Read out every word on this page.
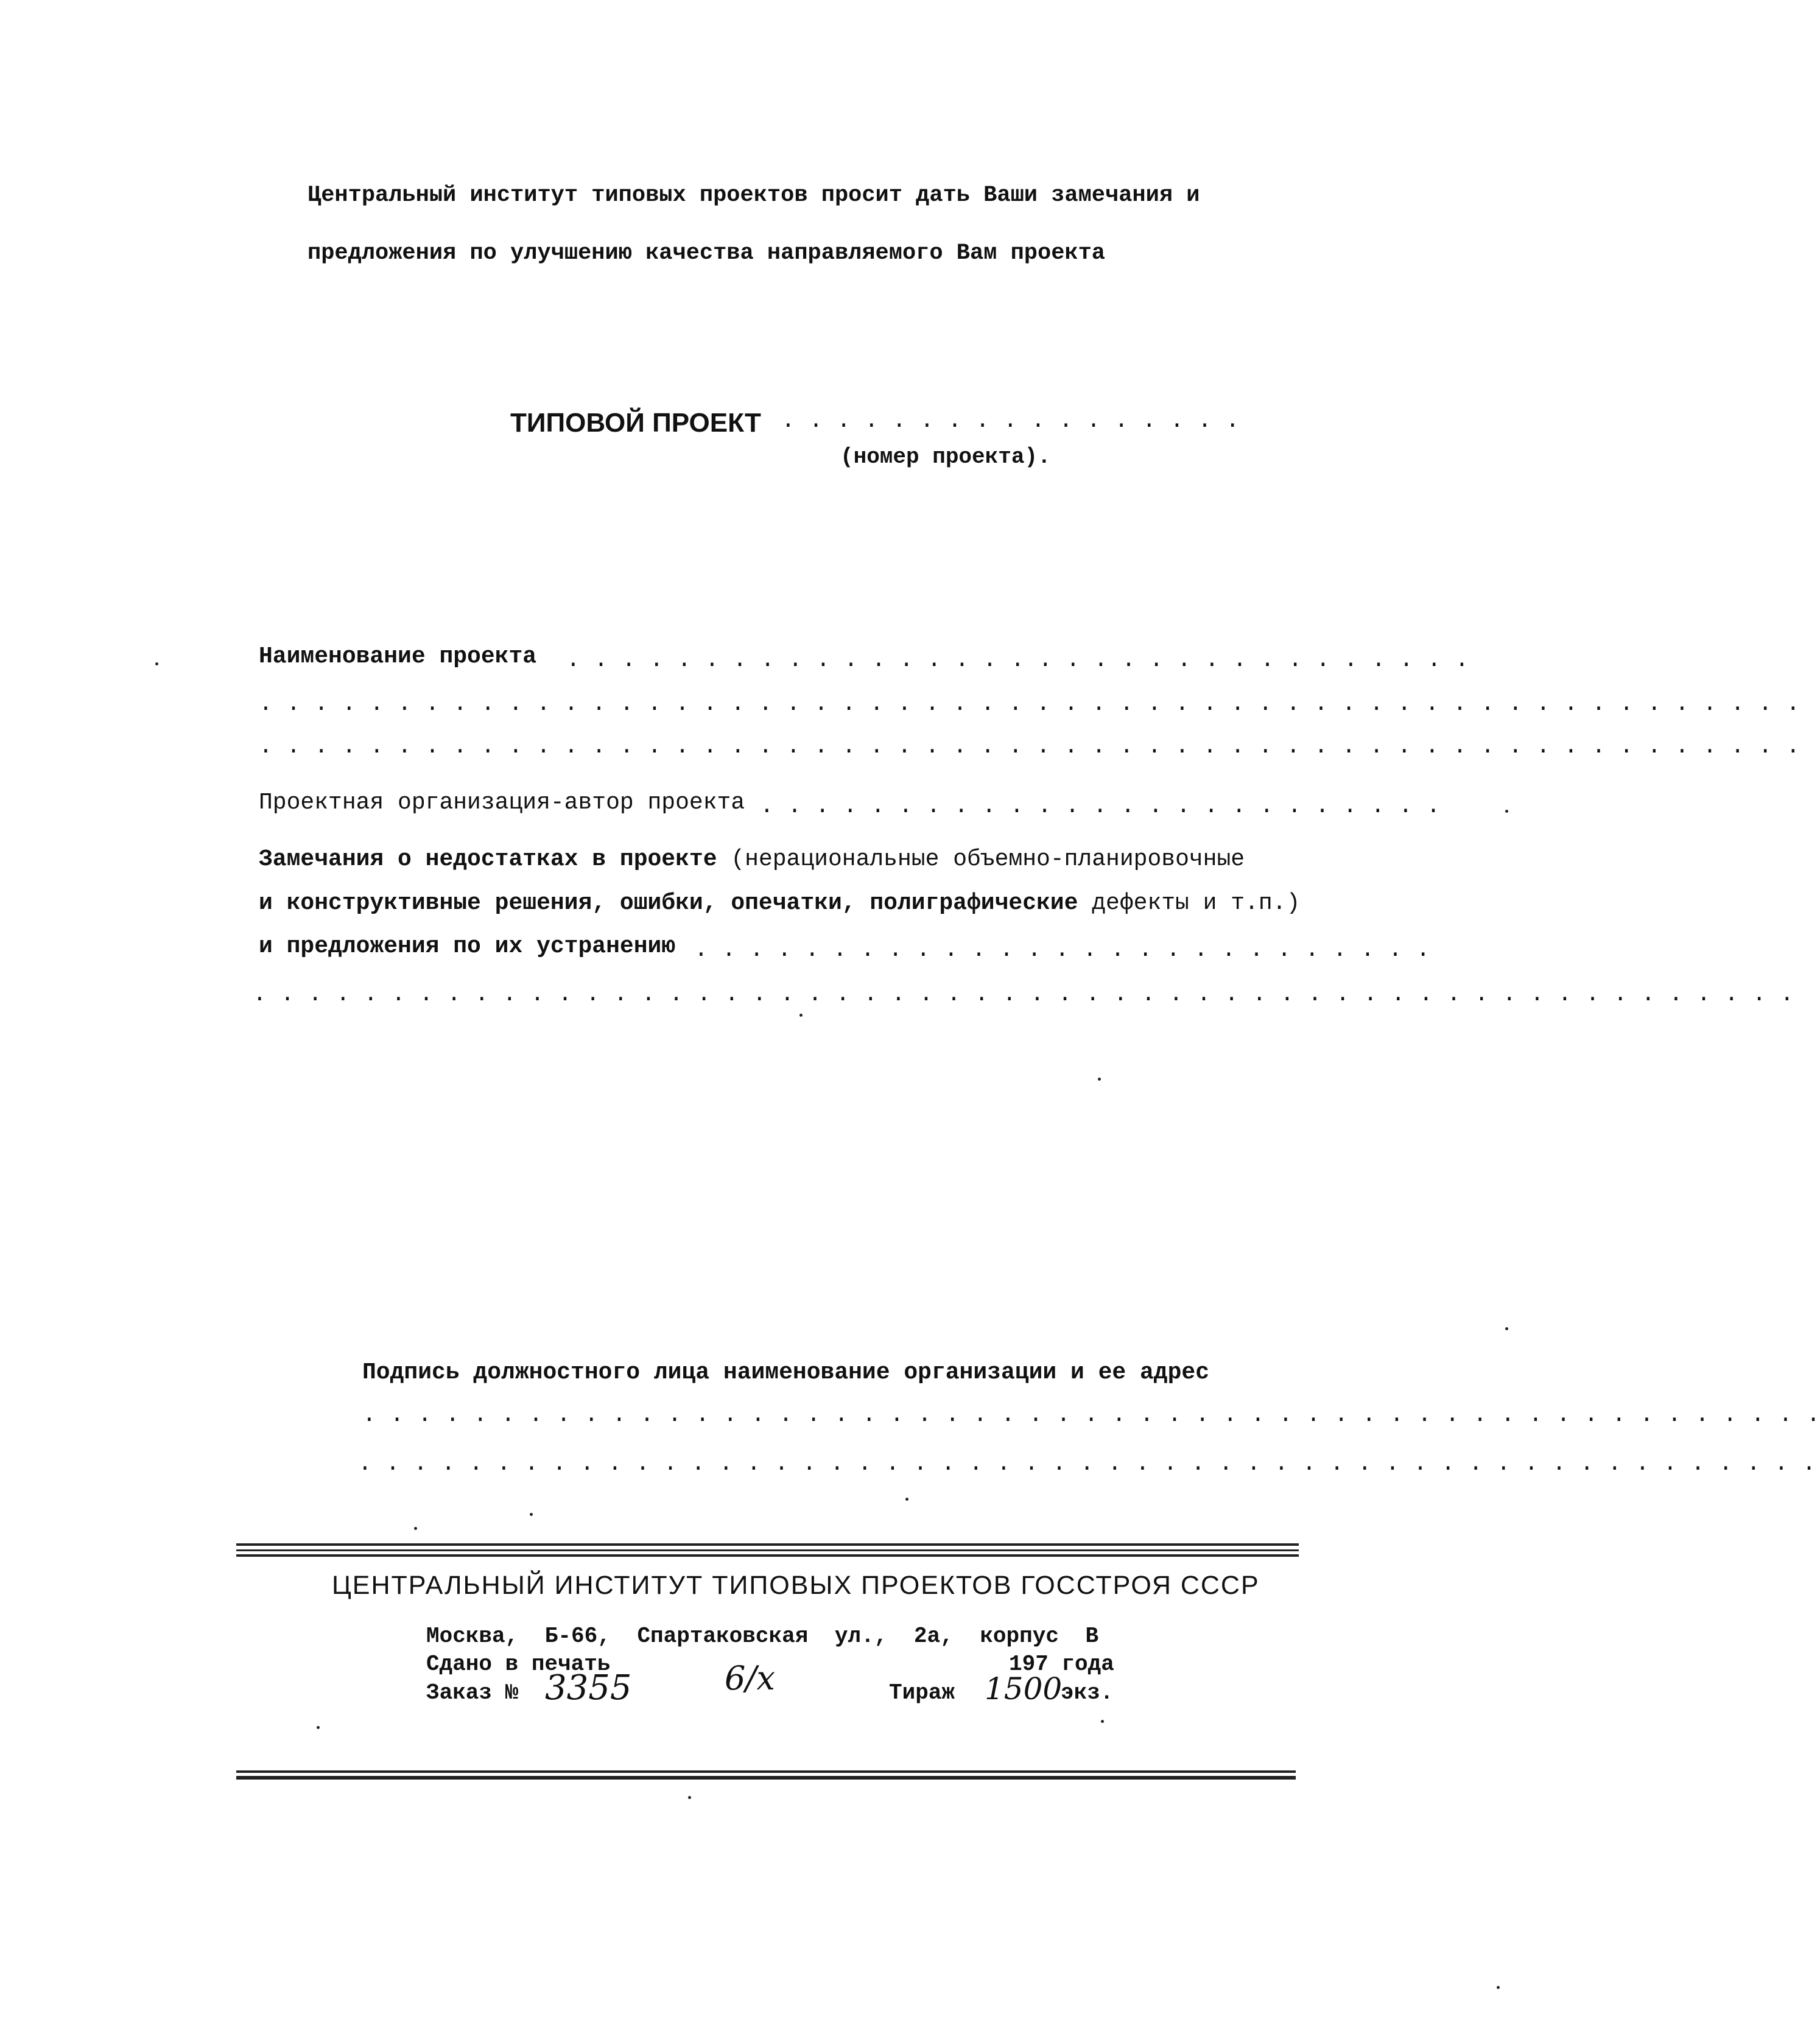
Центральный институт типовых проектов просит дать Ваши замечания и
предложения по улучшению качества направляемого Вам проекта
ТИПОВОЙ ПРОЕКТ . . . . . . . . . . . . . . . . .
(номер проекта).
Наименование проекта . . . . . . . . . . . . . . . . . . . . . . . . . . . . . . . . .
. . . . . . . . . . . . . . . . . . . . . . . . . . . . . . . . . . . . . . . . . . . . . . . . . . . . . . . .
. . . . . . . . . . . . . . . . . . . . . . . . . . . . . . . . . . . . . . . . . . . . . . . . . . . . . . . .
Проектная организация-автор проекта . . . . . . . . . . . . . . . . . . . . . . . . .
Замечания о недостатках в проекте (нерациональные объемно-планировочные
и конструктивные решения, ошибки, опечатки, полиграфические дефекты и т.п.)
и предложения по их устранению . . . . . . . . . . . . . . . . . . . . . . . . . . .
. . . . . . . . . . . . . . . . . . . . . . . . . . . . . . . . . . . . . . . . . . . . . . . . . . . . . . . .
Подпись должностного лица наименование организации и ее адрес
. . . . . . . . . . . . . . . . . . . . . . . . . . . . . . . . . . . . . . . . . . . . . . . . . . . . .
. . . . . . . . . . . . . . . . . . . . . . . . . . . . . . . . . . . . . . . . . . . . . . . . . . . . .
ЦЕНТРАЛЬНЫЙ ИНСТИТУТ ТИПОВЫХ ПРОЕКТОВ ГОССТРОЯ СССР
Москва, Б-66, Спартаковская ул., 2а, корпус В
Сдано в печать	197 года
Заказ № 3355	6/х	Тираж 1500
экз.
